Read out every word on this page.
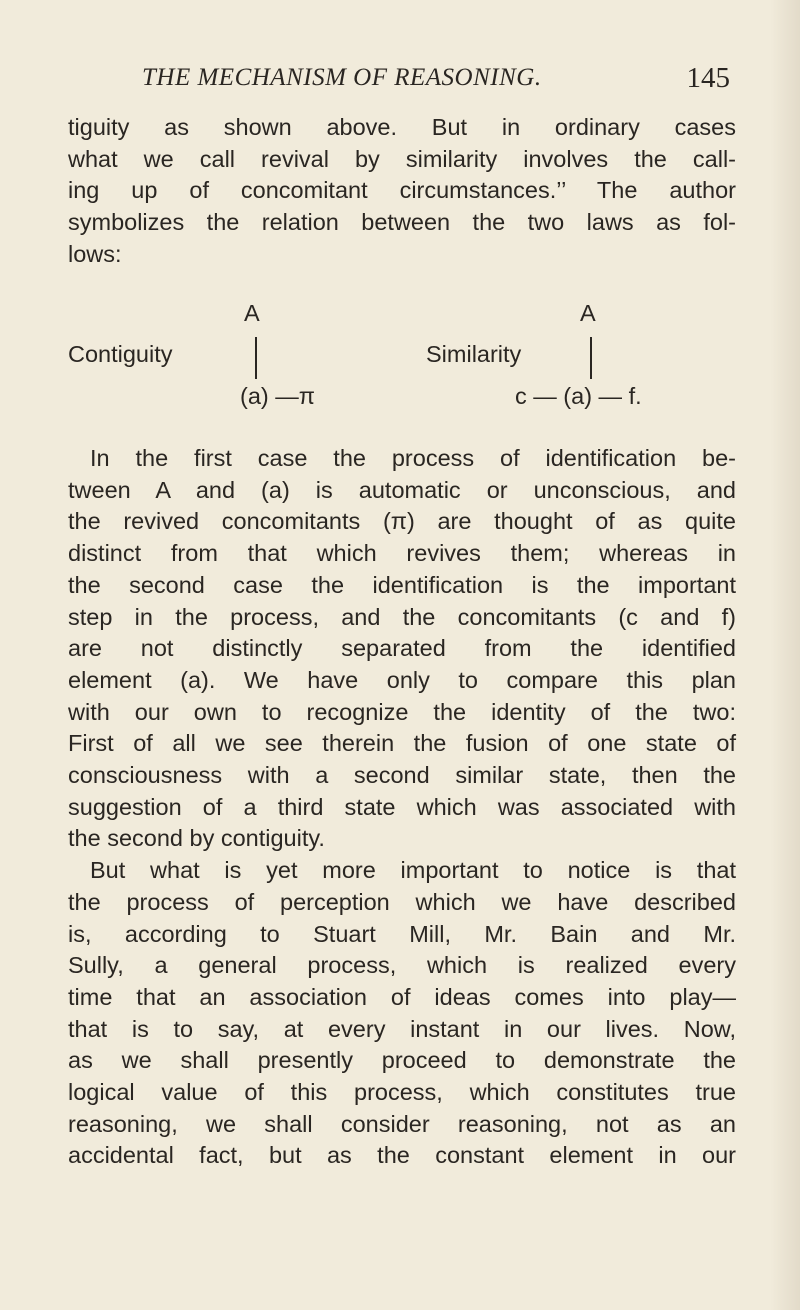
THE MECHANISM OF REASONING.	145
tiguity as shown above. But in ordinary cases
what we call revival by similarity involves the call-
ing up of concomitant circumstances.’’ The author
symbolizes the relation between the two laws as fol-
lows:
A
Contiguity
(a) —π
A
Similarity
c — (a) — f.
In the first case the process of identification be-
tween A and (a) is automatic or unconscious, and
the revived concomitants (π) are thought of as quite
distinct from that which revives them; whereas in
the second case the identification is the important
step in the process, and the concomitants (c and f)
are not distinctly separated from the identified
element (a). We have only to compare this plan
with our own to recognize the identity of the two:
First of all we see therein the fusion of one state of
consciousness with a second similar state, then the
suggestion of a third state which was associated with
the second by contiguity.
But what is yet more important to notice is that
the process of perception which we have described
is, according to Stuart Mill, Mr. Bain and Mr.
Sully, a general process, which is realized every
time that an association of ideas comes into play—
that is to say, at every instant in our lives. Now,
as we shall presently proceed to demonstrate the
logical value of this process, which constitutes true
reasoning, we shall consider reasoning, not as an
accidental fact, but as the constant element in our
